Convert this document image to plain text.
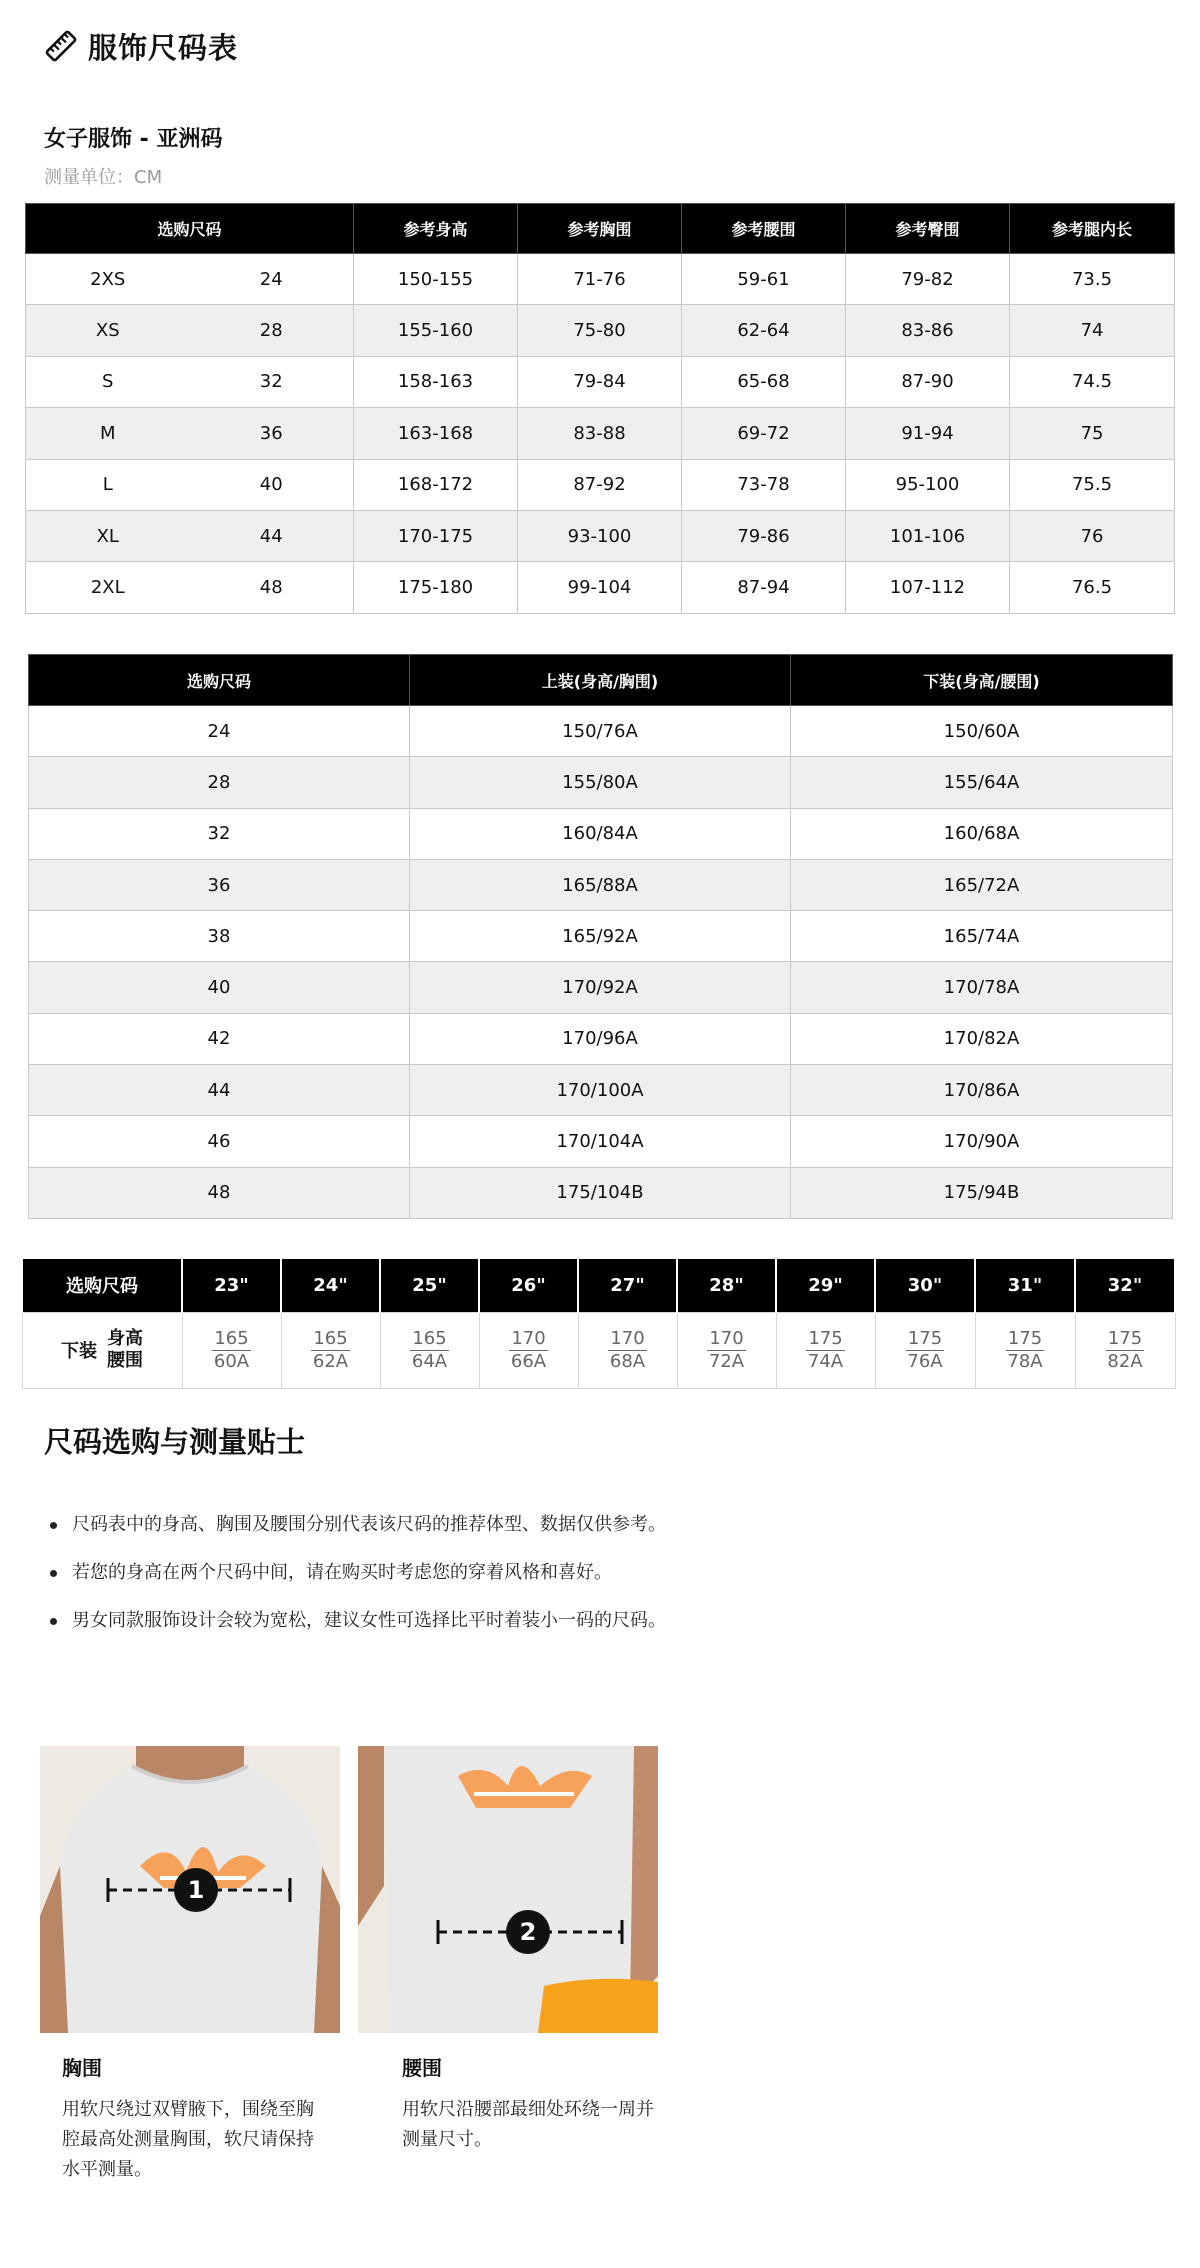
服饰尺码表
女子服饰 - 亚洲码
测量单位：CM
选购尺码		参考身高	参考胸围	参考腰围	参考臀围	参考腿内长
2XS	24	150-155	71-76	59-61	79-82	73.5
XS	28	155-160	75-80	62-64	83-86	74
S	32	158-163	79-84	65-68	87-90	74.5
M	36	163-168	83-88	69-72	91-94	75
L	40	168-172	87-92	73-78	95-100	75.5
XL	44	170-175	93-100	79-86	101-106	76
2XL	48	175-180	99-104	87-94	107-112	76.5
选购尺码	上装(身高/胸围)	下装(身高/腰围)
24	150/76A	150/60A
28	155/80A	155/64A
32	160/84A	160/68A
36	165/88A	165/72A
38	165/92A	165/74A
40	170/92A	170/78A
42	170/96A	170/82A
44	170/100A	170/86A
46	170/104A	170/90A
48	175/104B	175/94B
选购尺码	23"	24"	25"	26"	27"	28"	29"	30"	31"	32"

下装
身高
腰围	$\frac{165}{60A}$	$\frac{165}{62A}$	$\frac{165}{64A}$	$\frac{170}{66A}$	$\frac{170}{68A}$	$\frac{170}{72A}$	$\frac{175}{74A}$	$\frac{175}{76A}$	$\frac{175}{78A}$	$\frac{175}{82A}$
尺码选购与测量贴士
尺码表中的身高、胸围及腰围分别代表该尺码的推荐体型、数据仅供参考。
若您的身高在两个尺码中间，请在购买时考虑您的穿着风格和喜好。
男女同款服饰设计会较为宽松，建议女性可选择比平时着装小一码的尺码。
1
2
胸围
用软尺绕过双臂腋下，围绕至胸腔最高处测量胸围，软尺请保持水平测量。
腰围
用软尺沿腰部最细处环绕一周并测量尺寸。
